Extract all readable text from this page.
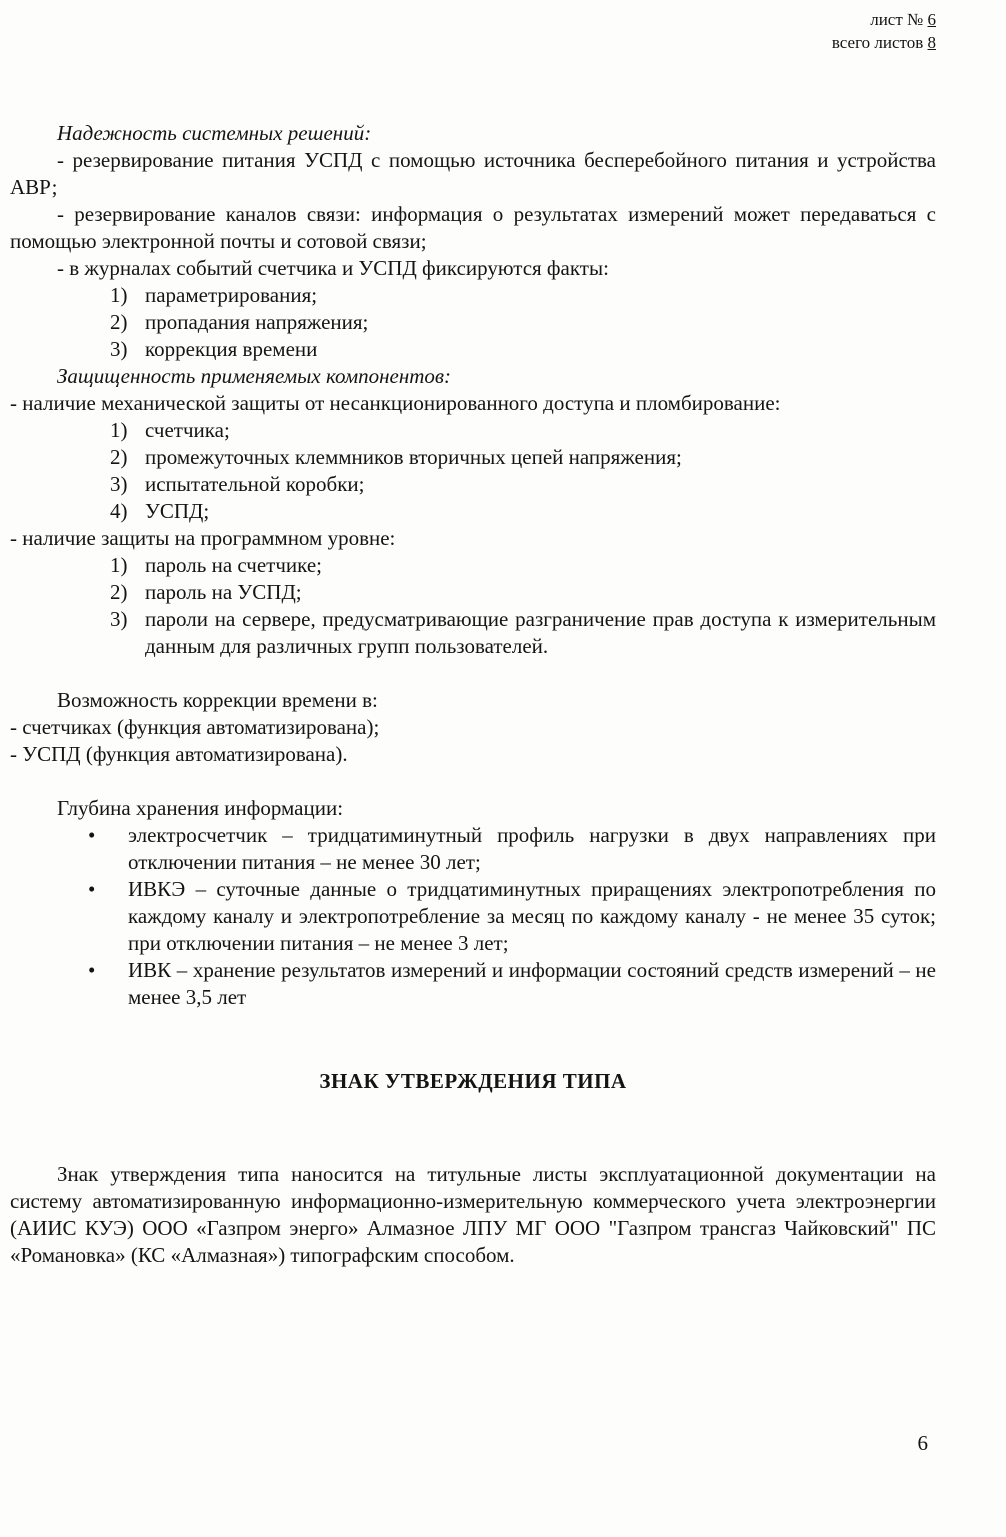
лист № 6
всего листов 8

Надежность системных решений:

- резервирование питания УСПД с помощью источника бесперебойного питания и устройства АВР;

- резервирование каналов связи: информация о результатах измерений может передаваться с помощью электронной почты и сотовой связи;

- в журналах событий счетчика и УСПД фиксируются факты:

1) параметрирования;
2) пропадания напряжения;
3) коррекция времени

Защищенность применяемых компонентов:

- наличие механической защиты от несанкционированного доступа и пломбирование:

1) счетчика;
2) промежуточных клеммников вторичных цепей напряжения;
3) испытательной коробки;
4) УСПД;

- наличие защиты на программном уровне:

1) пароль на счетчике;
2) пароль на УСПД;
3) пароли на сервере, предусматривающие разграничение прав доступа к измерительным данным для различных групп пользователей.

Возможность коррекции времени в:

- счетчиках (функция автоматизирована);

- УСПД (функция автоматизирована).

Глубина хранения информации:

• электросчетчик – тридцатиминутный профиль нагрузки в двух направлениях при отключении питания – не менее 30 лет;
• ИВКЭ – суточные данные о тридцатиминутных приращениях электропотребления по каждому каналу и электропотребление за месяц по каждому каналу - не менее 35 суток; при отключении питания – не менее 3 лет;
• ИВК – хранение результатов измерений и информации состояний средств измерений – не менее 3,5 лет

ЗНАК УТВЕРЖДЕНИЯ ТИПА

Знак утверждения типа наносится на титульные листы эксплуатационной документации на систему автоматизированную информационно-измерительную коммерческого учета электроэнергии (АИИС КУЭ) ООО «Газпром энерго» Алмазное ЛПУ МГ ООО "Газпром трансгаз Чайковский" ПС «Романовка» (КС «Алмазная») типографским способом.

6
